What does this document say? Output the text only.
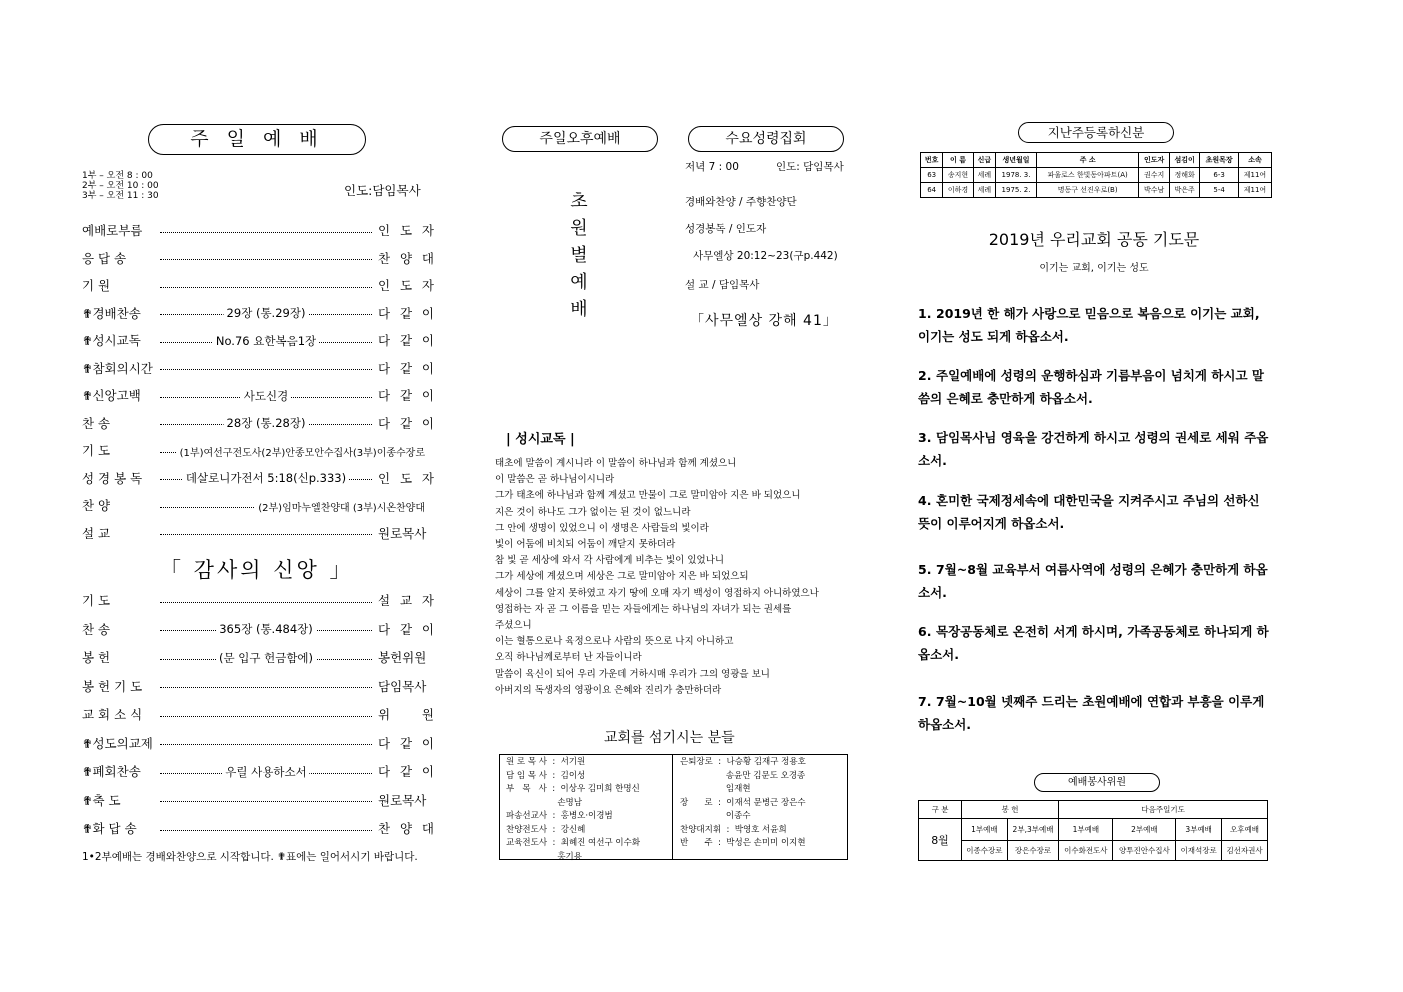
주 일 예 배
1부 – 오전 8 : 00
2부 – 오전 10 : 00
3부 – 오전 11 : 30	인도:담임목사
예배로부름	인 도 자
응 답 송	찬 양 대
기 원	인 도 자
✟경배찬송	29장 (통.29장)	다 같 이
✟성시교독	No.76 요한복음1장	다 같 이
✟참회의시간	다 같 이
✟신앙고백	사도신경	다 같 이
찬 송	28장 (통.28장)	다 같 이
기 도	(1부)여선구전도사(2부)안종모안수집사(3부)이종수장로
성 경 봉 독	데살로니가전서 5:18(신p.333)	인 도 자
찬 양	(2부)임마누엘찬양대 (3부)시온찬양대
설 교	원로목사
「 감사의 신앙 」
기 도	설 교 자
찬 송	365장 (통.484장)	다 같 이
봉 헌	(문 입구 헌금함에)	봉헌위원
봉 헌 기 도	담임목사
교 회 소 식	위 원
✟성도의교제	다 같 이
✟폐회찬송	우릴 사용하소서	다 같 이
✟축 도	원로목사
✟화 답 송	찬 양 대
1•2부예배는 경배와찬양으로 시작합니다. ✟표에는 일어서시기 바랍니다.
주일오후예배	수요성령집회
초
원
별
예
배
저녁 7 : 00	인도: 담임목사
경배와찬양 / 주향찬양단
성경봉독 / 인도자
사무엘상 20:12~23(구p.442)
설 교 / 담임목사
「사무엘상 강해 41」
| 성시교독 |
태초에 말씀이 계시니라 이 말씀이 하나님과 함께 계셨으니
이 말씀은 곧 하나님이시니라
그가 태초에 하나님과 함께 계셨고 만물이 그로 말미암아 지은 바 되었으니
지은 것이 하나도 그가 없이는 된 것이 없느니라
그 안에 생명이 있었으니 이 생명은 사람들의 빛이라
빛이 어둠에 비치되 어둠이 깨닫지 못하더라
참 빛 곧 세상에 와서 각 사람에게 비추는 빛이 있었나니
그가 세상에 계셨으며 세상은 그로 말미암아 지은 바 되었으되
세상이 그를 알지 못하였고 자기 땅에 오매 자기 백성이 영접하지 아니하였으나
영접하는 자 곧 그 이름을 믿는 자들에게는 하나님의 자녀가 되는 권세를
주셨으니
이는 혈통으로나 육정으로나 사람의 뜻으로 나지 아니하고
오직 하나님께로부터 난 자들이니라
말씀이 육신이 되어 우리 가운데 거하시매 우리가 그의 영광을 보니
아버지의 독생자의 영광이요 은혜와 진리가 충만하더라
교회를 섬기시는 분들
원 로 목 사  :  서기원
담 임 목 사  :  김이성
부   목   사  :  이상우 김미희 한명신
손명남
파송선교사  :  홍병오·이경범
찬양전도사  :  강신혜
교육전도사  :  최혜진 여선구 이수화
홍기용
은퇴장로  :  나승황 김재구 정용호
송윤만 김문도 오경종
임재현
장      로  :  이재석 문병근 장은수
이종수
찬양대지휘  :  박영호 서윤희
반      주  :  박성은 손미미 이지현
지난주등록하신분
번호	이 름	신급	생년월일	주 소	인도자	섬김이	초원목장	소속
63	송지현	세례	1978. 3.	파울로스 한빛동아파트(A)	권수지	정해화	6-3	제11여
64	이하경	세례	1975. 2.	명동구 선진우로(B)	박수남	박은주	5-4	제11여
2019년 우리교회 공동 기도문
이기는 교회, 이기는 성도
1. 2019년 한 해가 사랑으로 믿음으로 복음으로 이기는 교회, 이기는 성도 되게 하옵소서.
2. 주일예배에 성령의 운행하심과 기름부음이 넘치게 하시고 말씀의 은혜로 충만하게 하옵소서.
3. 담임목사님 영육을 강건하게 하시고 성령의 권세로 세워 주옵소서.
4. 혼미한 국제정세속에 대한민국을 지켜주시고 주님의 선하신 뜻이 이루어지게 하옵소서.
5. 7월~8월 교육부서 여름사역에 성령의 은혜가 충만하게 하옵소서.
6. 목장공동체로 온전히 서게 하시며, 가족공동체로 하나되게 하옵소서.
7. 7월~10월 넷째주 드리는 초원예배에 연합과 부흥을 이루게 하옵소서.
예배봉사위원
구 분	봉 헌		다음주일기도			
8월	1부예배	2부,3부예배	1부예배	2부예배	3부예배	오후예배
	이종수장로	장은수장로	이수화전도사	양투진안수집사	이재석장로	김선자권사
